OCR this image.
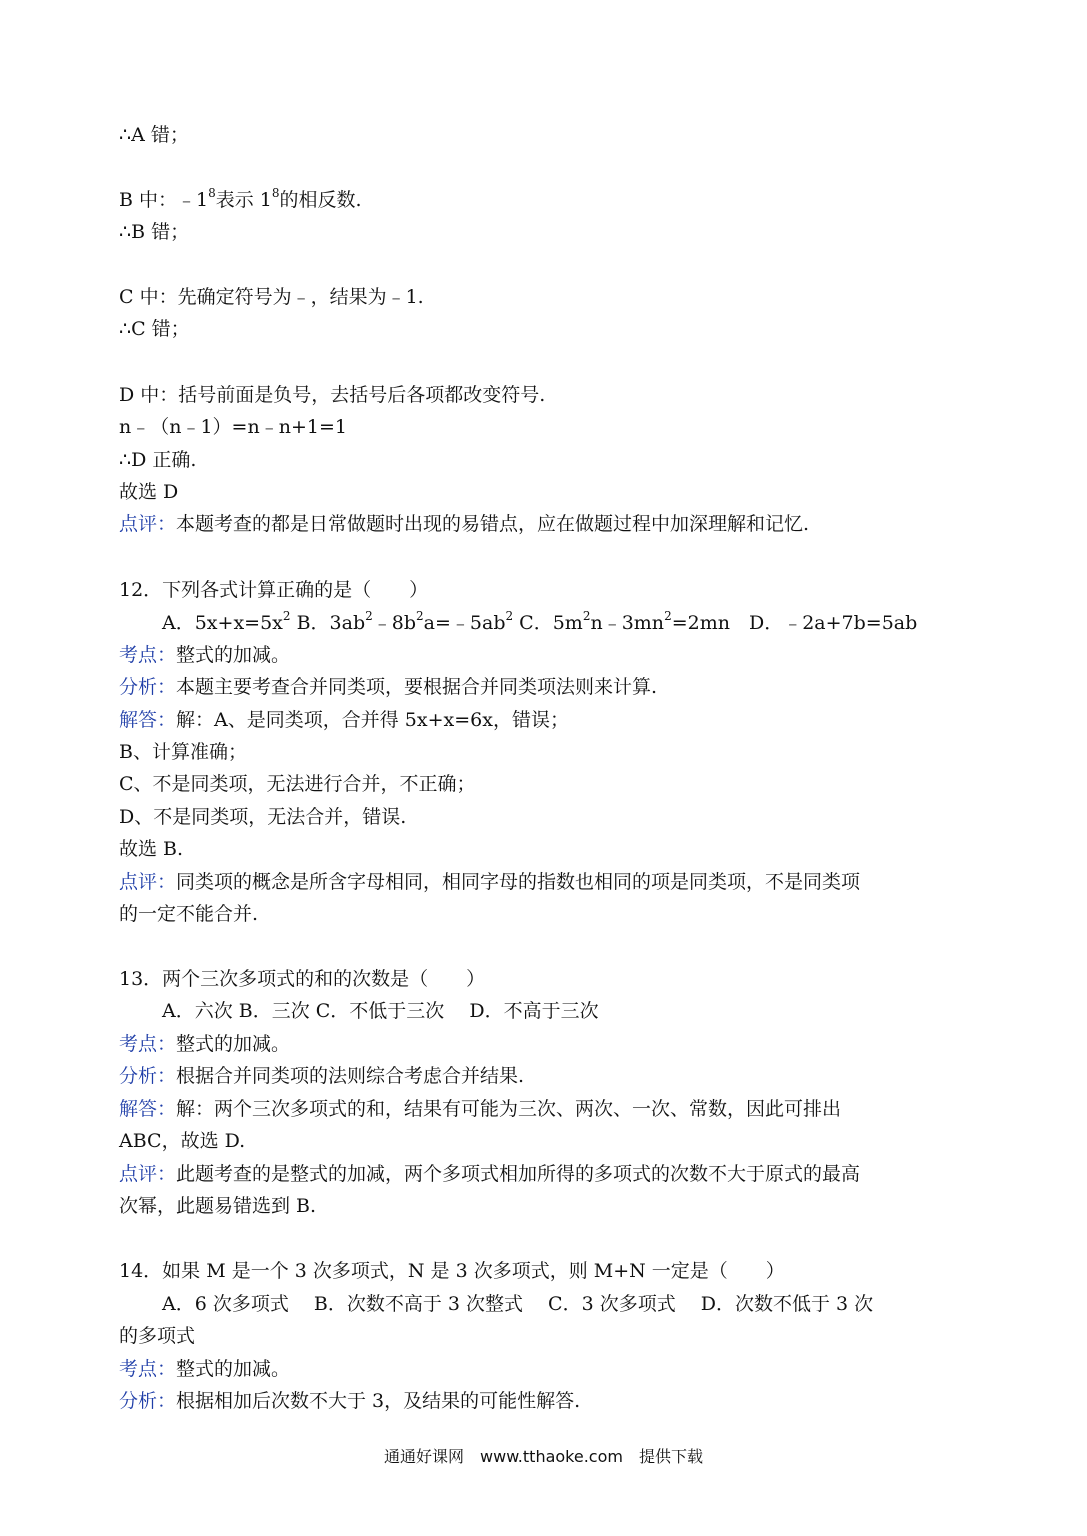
∴A 错；
B 中：$﹣1^8$表示 $1^8$的相反数.
∴B 错；
C 中：先确定符号为﹣，结果为﹣1.
∴C 错；
D 中：括号前面是负号，去括号后各项都改变符号.
n﹣（n﹣1）=n﹣n+1=1
∴D 正确.
故选 D
点评：本题考查的都是日常做题时出现的易错点，应在做题过程中加深理解和记忆.
12．下列各式计算正确的是（　　）
A．$5x+x=5x^2$ B．$3ab^2﹣8b^2a=﹣5ab^2$ C．$5m^2n﹣3mn^2=2mn$　D．﹣2a+7b=5ab
考点：整式的加减。
分析：本题主要考查合并同类项，要根据合并同类项法则来计算.
解答：解：A、是同类项，合并得 5x+x=6x，错误；
B、计算准确；
C、不是同类项，无法进行合并，不正确；
D、不是同类项，无法合并，错误.
故选 B.
点评：同类项的概念是所含字母相同，相同字母的指数也相同的项是同类项，不是同类项
的一定不能合并.
13．两个三次多项式的和的次数是（　　）
A．六次 B．三次 C．不低于三次　 D．不高于三次
考点：整式的加减。
分析：根据合并同类项的法则综合考虑合并结果.
解答：解：两个三次多项式的和，结果有可能为三次、两次、一次、常数，因此可排出
ABC，故选 D.
点评：此题考查的是整式的加减，两个多项式相加所得的多项式的次数不大于原式的最高
次幂，此题易错选到 B.
14．如果 M 是一个 3 次多项式，N 是 3 次多项式，则 M+N 一定是（　　）
A．6 次多项式　 B．次数不高于 3 次整式　 C．3 次多项式　 D．次数不低于 3 次
的多项式
考点：整式的加减。
分析：根据相加后次数不大于 3，及结果的可能性解答.
通通好课网　www.tthaoke.com　提供下载
